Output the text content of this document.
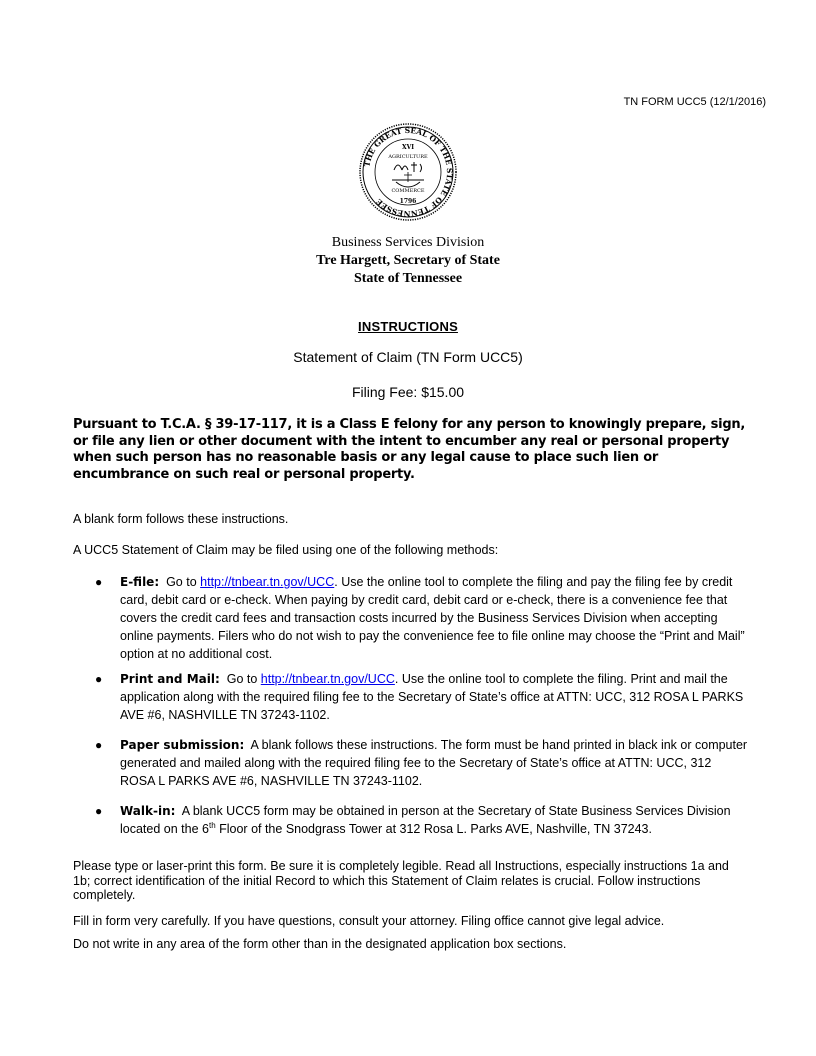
TN FORM UCC5 (12/1/2016)
THE GREAT SEAL OF THE STATE OF TENNESSEE
XVI
AGRICULTURE
COMMERCE
1796
Business Services Division
Tre Hargett, Secretary of State
State of Tennessee
INSTRUCTIONS
Statement of Claim (TN Form UCC5)
Filing Fee: $15.00
Pursuant to T.C.A. § 39-17-117, it is a Class E felony for any person to knowingly prepare, sign, or file any lien or other document with the intent to encumber any real or personal property when such person has no reasonable basis or any legal cause to place such lien or encumbrance on such real or personal property.
A blank form follows these instructions.
A UCC5 Statement of Claim may be filed using one of the following methods:
● E-file: Go to http://tnbear.tn.gov/UCC. Use the online tool to complete the filing and pay the filing fee by credit card, debit card or e-check. When paying by credit card, debit card or e-check, there is a convenience fee that covers the credit card fees and transaction costs incurred by the Business Services Division when accepting online payments. Filers who do not wish to pay the convenience fee to file online may choose the “Print and Mail” option at no additional cost.
● Print and Mail: Go to http://tnbear.tn.gov/UCC. Use the online tool to complete the filing. Print and mail the application along with the required filing fee to the Secretary of State’s office at ATTN: UCC, 312 ROSA L PARKS AVE #6, NASHVILLE TN 37243-1102.
● Paper submission: A blank follows these instructions. The form must be hand printed in black ink or computer generated and mailed along with the required filing fee to the Secretary of State’s office at ATTN: UCC, 312 ROSA L PARKS AVE #6, NASHVILLE TN 37243-1102.
● Walk-in: A blank UCC5 form may be obtained in person at the Secretary of State Business Services Division located on the 6th Floor of the Snodgrass Tower at 312 Rosa L. Parks AVE, Nashville, TN 37243.
Please type or laser-print this form. Be sure it is completely legible. Read all Instructions, especially instructions 1a and 1b; correct identification of the initial Record to which this Statement of Claim relates is crucial. Follow instructions completely.
Fill in form very carefully. If you have questions, consult your attorney. Filing office cannot give legal advice.
Do not write in any area of the form other than in the designated application box sections.
